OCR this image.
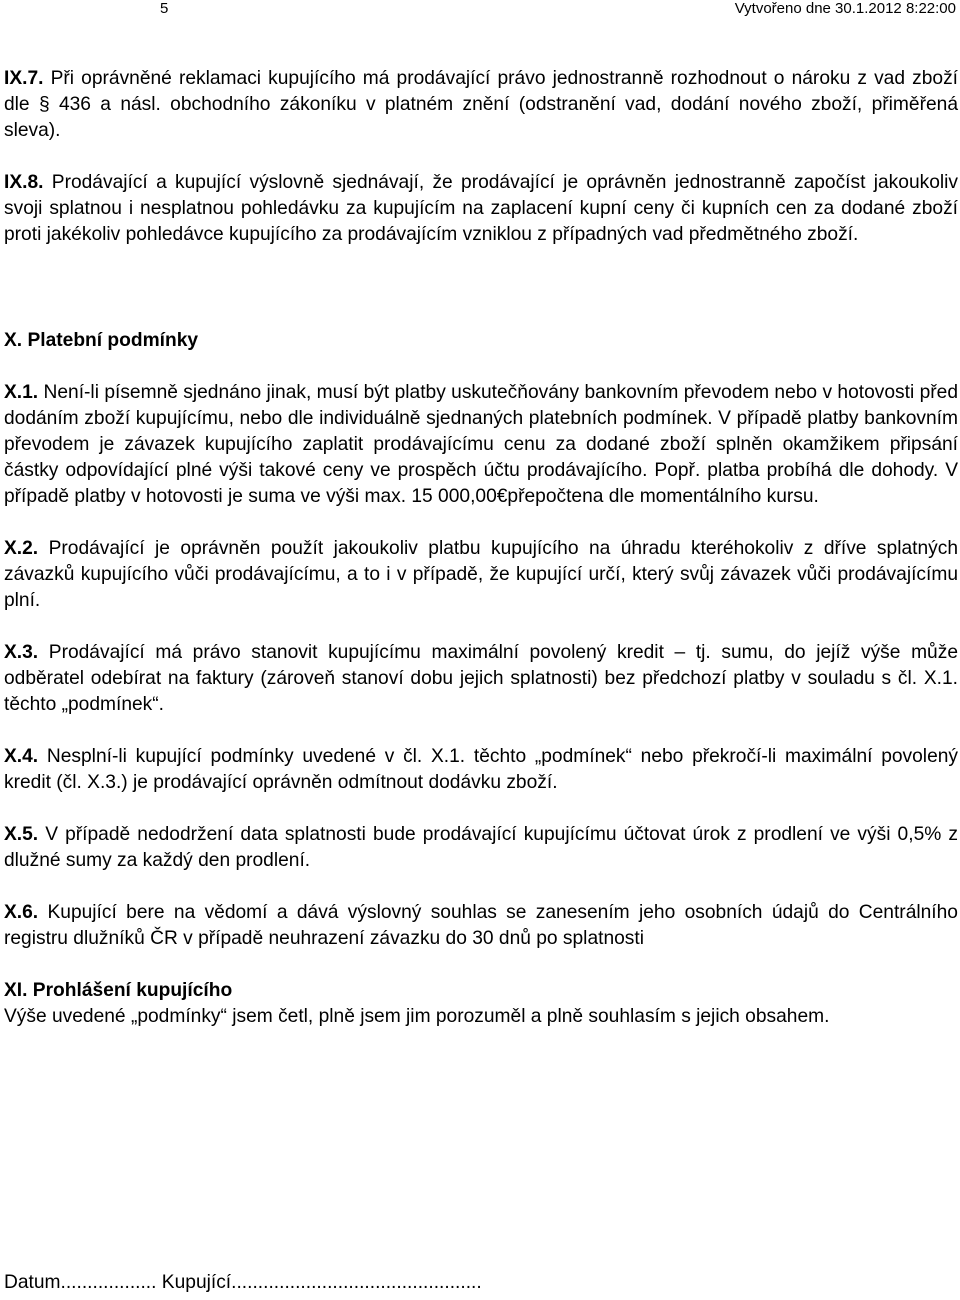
5	Vytvořeno dne 30.1.2012 8:22:00

IX.7. Při oprávněné reklamaci kupujícího má prodávající právo jednostranně rozhodnout o nároku z vad zboží dle § 436 a násl. obchodního zákoníku v platném znění (odstranění vad, dodání nového zboží, přiměřená sleva).

IX.8. Prodávající a kupující výslovně sjednávají, že prodávající je oprávněn jednostranně započíst jakoukoliv svoji splatnou i nesplatnou pohledávku za kupujícím na zaplacení kupní ceny či kupních cen za dodané zboží proti jakékoliv pohledávce kupujícího za prodávajícím vzniklou z případných vad předmětného zboží.

X. Platební podmínky

X.1. Není-li písemně sjednáno jinak, musí být platby uskutečňovány bankovním převodem nebo v hotovosti před dodáním zboží kupujícímu, nebo dle individuálně sjednaných platebních podmínek. V případě platby bankovním převodem je závazek kupujícího zaplatit prodávajícímu cenu za dodané zboží splněn okamžikem připsání částky odpovídající plné výši takové ceny ve prospěch účtu prodávajícího. Popř. platba probíhá dle dohody. V případě platby v hotovosti je suma ve výši max. 15 000,00€přepočtena dle momentálního kursu.

X.2. Prodávající je oprávněn použít jakoukoliv platbu kupujícího na úhradu kteréhokoliv z dříve splatných závazků kupujícího vůči prodávajícímu, a to i v případě, že kupující určí, který svůj závazek vůči prodávajícímu plní.

X.3. Prodávající má právo stanovit kupujícímu maximální povolený kredit – tj. sumu, do jejíž výše může odběratel odebírat na faktury (zároveň stanoví dobu jejich splatnosti) bez předchozí platby v souladu s čl. X.1. těchto „podmínek“.

X.4. Nesplní-li kupující podmínky uvedené v čl. X.1. těchto „podmínek“ nebo překročí-li maximální povolený kredit (čl. X.3.) je prodávající oprávněn odmítnout dodávku zboží.

X.5. V případě nedodržení data splatnosti bude prodávající kupujícímu účtovat úrok z prodlení ve výši 0,5% z dlužné sumy za každý den prodlení.

X.6. Kupující bere na vědomí a dává výslovný souhlas se zanesením jeho osobních údajů do Centrálního registru dlužníků ČR v případě neuhrazení závazku do 30 dnů po splatnosti

XI. Prohlášení kupujícího

Výše uvedené „podmínky“ jsem četl, plně jsem jim porozuměl a plně souhlasím s jejich obsahem.

Datum.................. Kupující...............................................
